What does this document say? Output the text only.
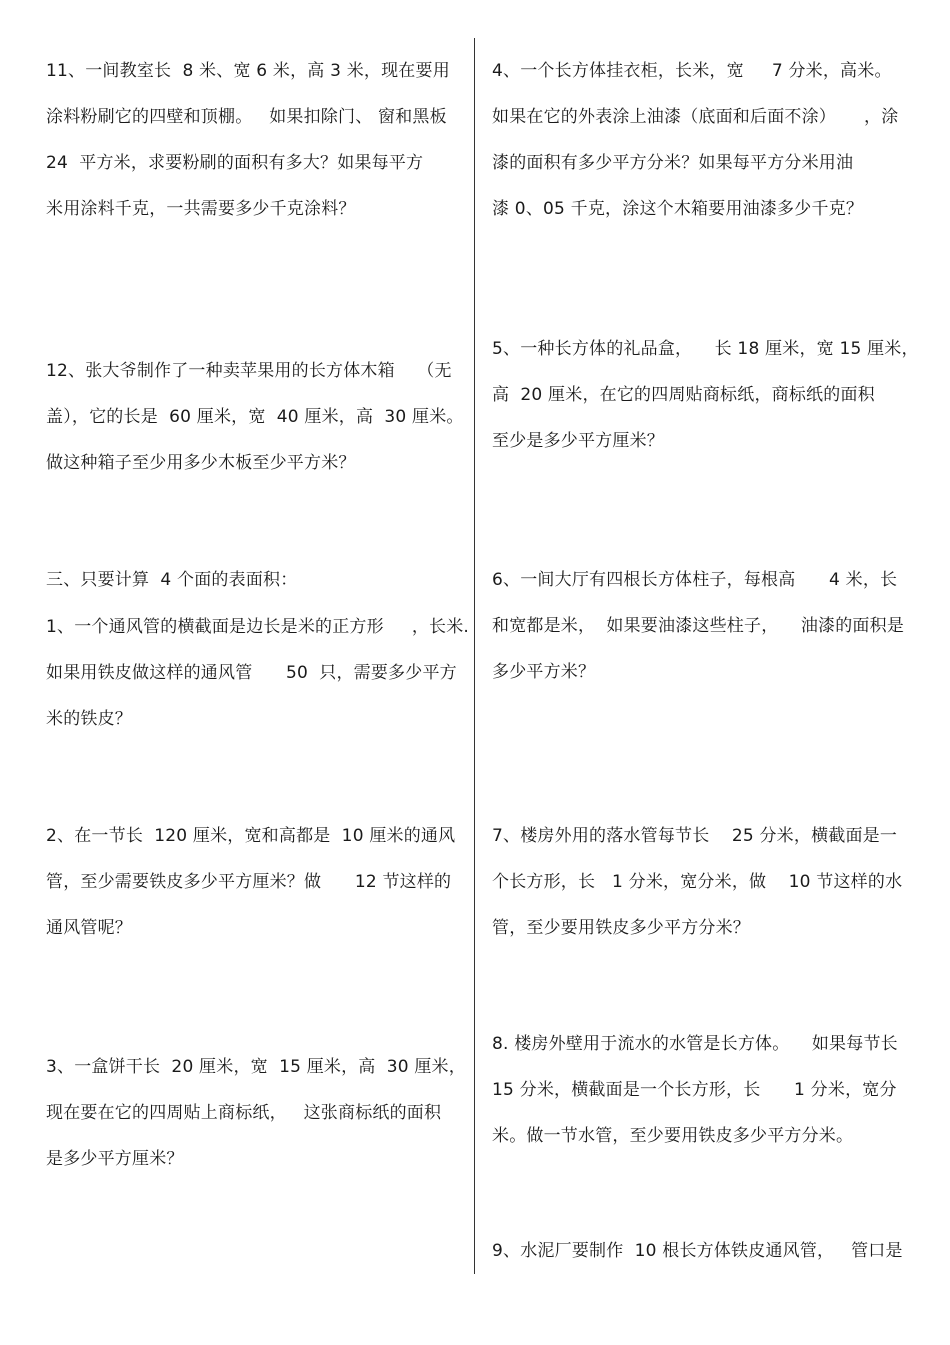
11、一间教室长  8 米、宽 6 米，高 3 米，现在要用
涂料粉刷它的四壁和顶棚。   如果扣除门、 窗和黑板
24  平方米，求要粉刷的面积有多大？如果每平方
米用涂料千克，一共需要多少千克涂料？
12、张大爷制作了一种卖苹果用的长方体木箱    （无
盖），它的长是  60 厘米，宽  40 厘米，高  30 厘米。
做这种箱子至少用多少木板至少平方米？
三、只要计算  4 个面的表面积：
1、一个通风管的横截面是边长是米的正方形     ，长米.
如果用铁皮做这样的通风管      50  只，需要多少平方
米的铁皮？
2、在一节长  120 厘米，宽和高都是  10 厘米的通风
管，至少需要铁皮多少平方厘米？做      12 节这样的
通风管呢？
3、一盒饼干长  20 厘米，宽  15 厘米，高  30 厘米，
现在要在它的四周贴上商标纸，   这张商标纸的面积
是多少平方厘米？
4、一个长方体挂衣柜，长米，宽     7 分米，高米。
如果在它的外表涂上油漆（底面和后面不涂）     ，涂
漆的面积有多少平方分米？如果每平方分米用油
漆 0、05 千克，涂这个木箱要用油漆多少千克？
5、一种长方体的礼品盒，    长 18 厘米，宽 15 厘米，
高  20 厘米，在它的四周贴商标纸，商标纸的面积
至少是多少平方厘米？
6、一间大厅有四根长方体柱子，每根高      4 米，长
和宽都是米，  如果要油漆这些柱子，    油漆的面积是
多少平方米？
7、楼房外用的落水管每节长    25 分米，横截面是一
个长方形，长   1 分米，宽分米，做    10 节这样的水
管，至少要用铁皮多少平方分米？
8. 楼房外壁用于流水的水管是长方体。    如果每节长
15 分米，横截面是一个长方形，长      1 分米，宽分
米。做一节水管，至少要用铁皮多少平方分米。
9、水泥厂要制作  10 根长方体铁皮通风管，   管口是
